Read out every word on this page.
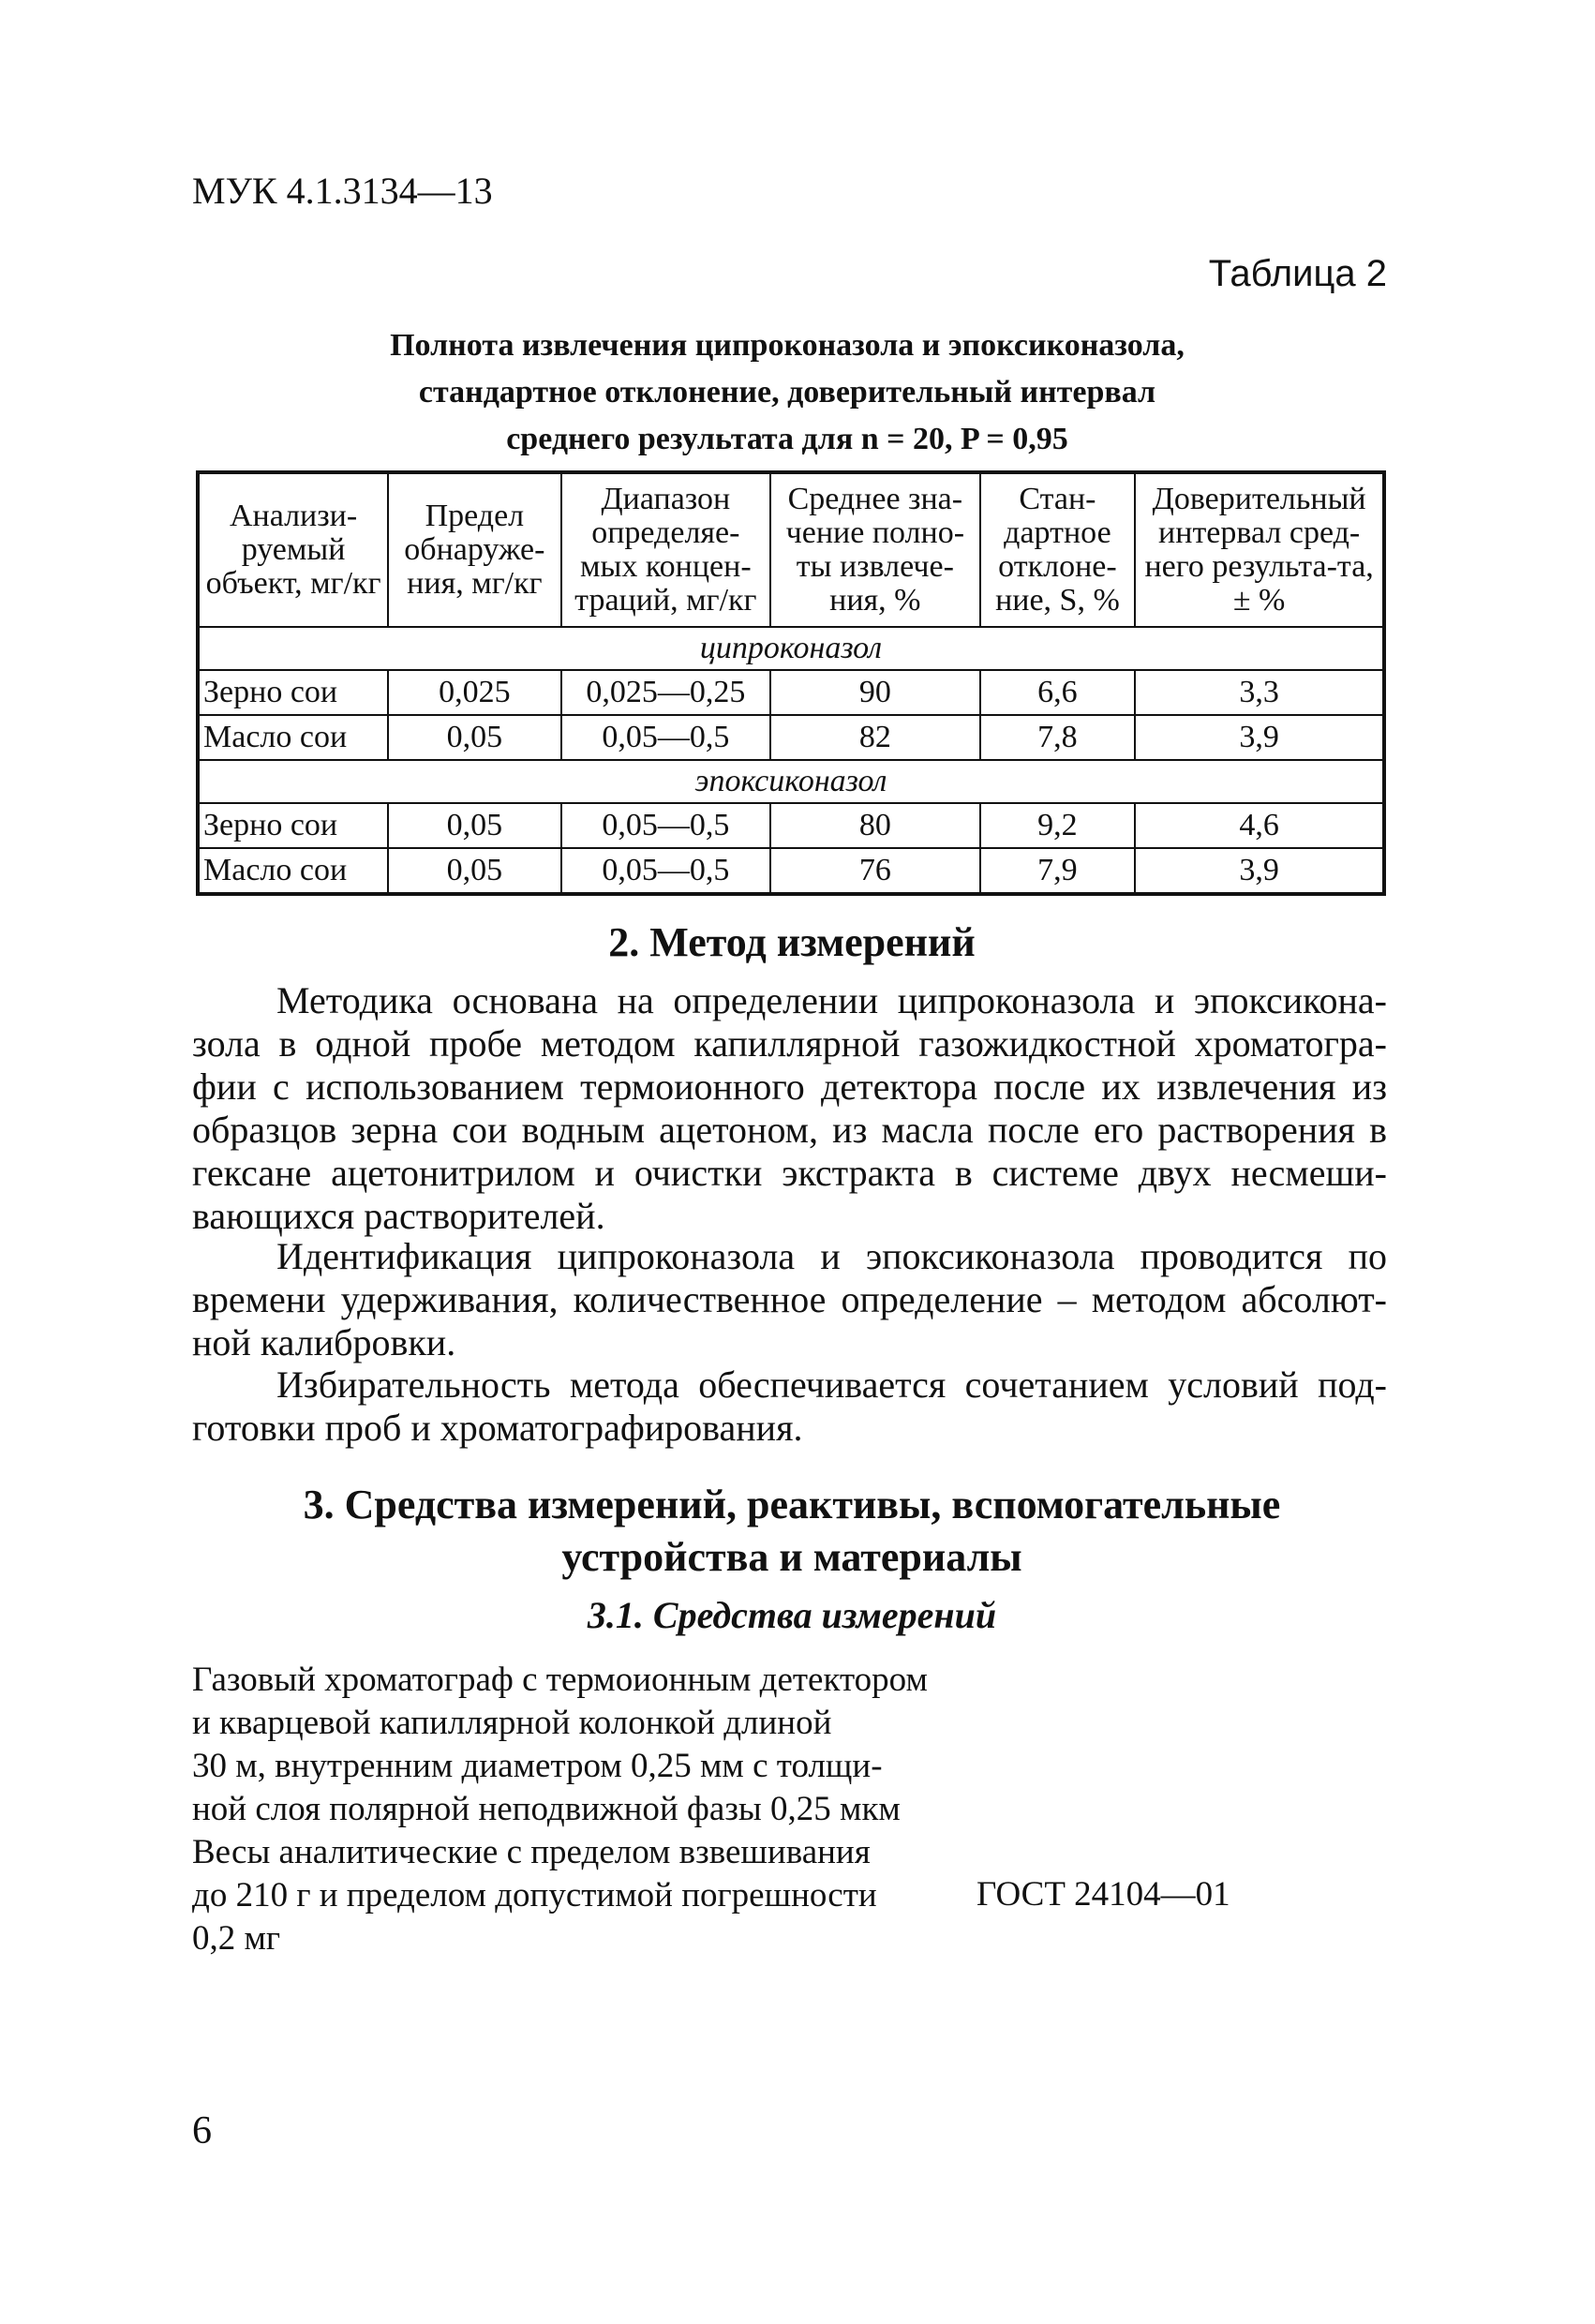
МУК 4.1.3134—13
Таблица 2
Полнота извлечения ципроконазола и эпоксиконазола,
стандартное отклонение, доверительный интервал
среднего результата для n = 20, P = 0,95
Анализи-руемый объект, мг/кг	Предел обнаруже-ния, мг/кг	Диапазон определяе-мых концен-траций, мг/кг	Среднее зна-чение полно-ты извлече-ния, %	Стан-дартное отклоне-ние, S, %	Доверительный интервал сред-него результа-та, ± %
ципроконазол					
Зерно сои	0,025	0,025—0,25	90	6,6	3,3
Масло сои	0,05	0,05—0,5	82	7,8	3,9
эпоксиконазол					
Зерно сои	0,05	0,05—0,5	80	9,2	4,6
Масло сои	0,05	0,05—0,5	76	7,9	3,9
2. Метод измерений

Методика основана на определении ципроконазола и эпоксикона-зола в одной пробе методом капиллярной газожидкостной хроматогра-фии с использованием термоионного детектора после их извлечения из образцов зерна сои водным ацетоном, из масла после его растворения в гексане ацетонитрилом и очистки экстракта в системе двух несмеши-вающихся растворителей.

Идентификация ципроконазола и эпоксиконазола проводится по времени удерживания, количественное определение – методом абсолют-ной калибровки.

Избирательность метода обеспечивается сочетанием условий под-готовки проб и хроматографирования.

3. Средства измерений, реактивы, вспомогательные
устройства и материалы
3.1. Средства измерений
Газовый хроматограф с термоионным детектором
и кварцевой капиллярной колонкой длиной
30 м, внутренним диаметром 0,25 мм с толщи-
ной слоя полярной неподвижной фазы 0,25 мкм
Весы аналитические с пределом взвешивания
до 210 г и пределом допустимой погрешности
0,2 мг
ГОСТ 24104—01
6
